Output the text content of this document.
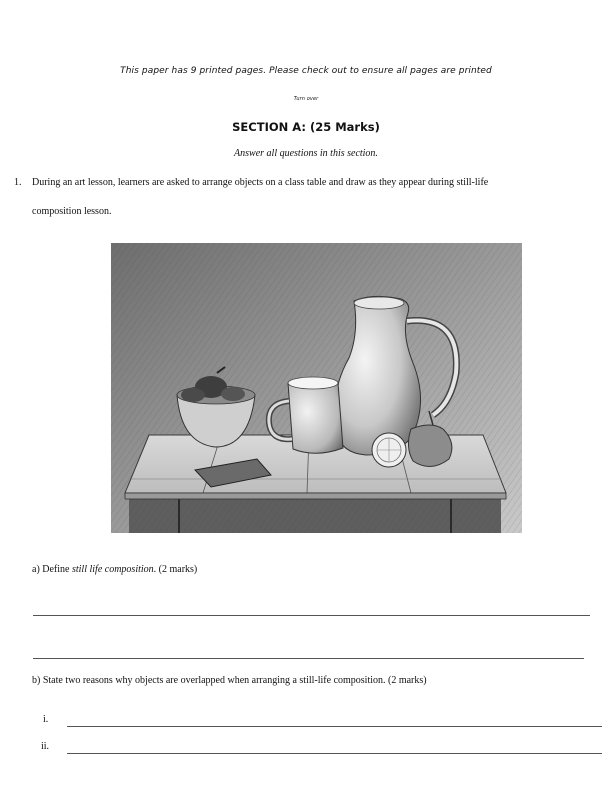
This paper has 9 printed pages. Please check out to ensure all pages are printed
Turn over
SECTION A: (25 Marks)
Answer all questions in this section.
1. During an art lesson, learners are asked to arrange objects on a class table and draw as they appear during still-life
composition lesson.
a) Define still life composition. (2 marks)
b) State two reasons why objects are overlapped when arranging a still-life composition. (2 marks)
i.
ii.
